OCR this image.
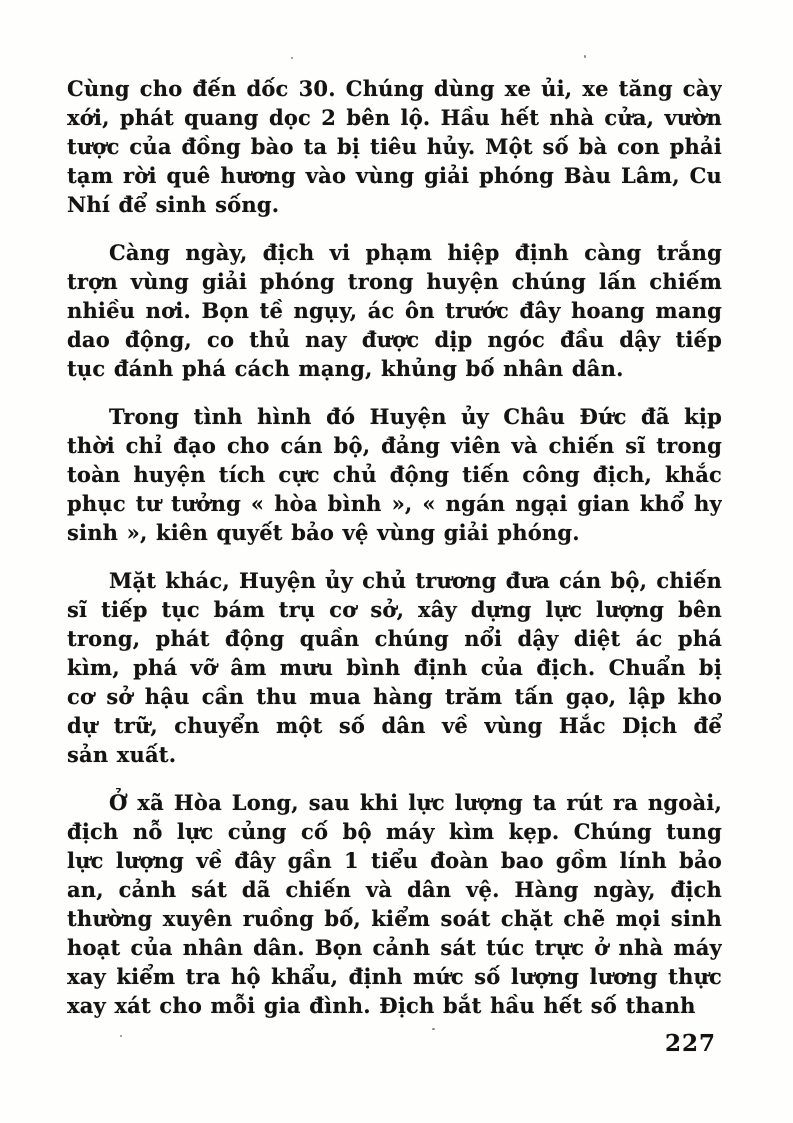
Cùng cho đến dốc 30. Chúng dùng xe ủi, xe tăng cày
xới, phát quang dọc 2 bên lộ. Hầu hết nhà cửa, vườn
tược của đồng bào ta bị tiêu hủy. Một số bà con phải
tạm rời quê hương vào vùng giải phóng Bàu Lâm, Cu
Nhí để sinh sống.
Càng ngày, địch vi phạm hiệp định càng trắng
trợn vùng giải phóng trong huyện chúng lấn chiếm
nhiều nơi. Bọn tề ngụy, ác ôn trước đây hoang mang
dao động, co thủ nay được dịp ngóc đầu dậy tiếp
tục đánh phá cách mạng, khủng bố nhân dân.
Trong tình hình đó Huyện ủy Châu Đức đã kịp
thời chỉ đạo cho cán bộ, đảng viên và chiến sĩ trong
toàn huyện tích cực chủ động tiến công địch, khắc
phục tư tưởng « hòa bình », « ngán ngại gian khổ hy
sinh », kiên quyết bảo vệ vùng giải phóng.
Mặt khác, Huyện ủy chủ trương đưa cán bộ, chiến
sĩ tiếp tục bám trụ cơ sở, xây dựng lực lượng bên
trong, phát động quần chúng nổi dậy diệt ác phá
kìm, phá vỡ âm mưu bình định của địch. Chuẩn bị
cơ sở hậu cần thu mua hàng trăm tấn gạo, lập kho
dự trữ, chuyển một số dân về vùng Hắc Dịch để
sản xuất.
Ở xã Hòa Long, sau khi lực lượng ta rút ra ngoài,
địch nỗ lực củng cố bộ máy kìm kẹp. Chúng tung
lực lượng về đây gần 1 tiểu đoàn bao gồm lính bảo
an, cảnh sát dã chiến và dân vệ. Hàng ngày, địch
thường xuyên ruồng bố, kiểm soát chặt chẽ mọi sinh
hoạt của nhân dân. Bọn cảnh sát túc trực ở nhà máy
xay kiểm tra hộ khẩu, định mức số lượng lương thực
xay xát cho mỗi gia đình. Địch bắt hầu hết số thanh
227
